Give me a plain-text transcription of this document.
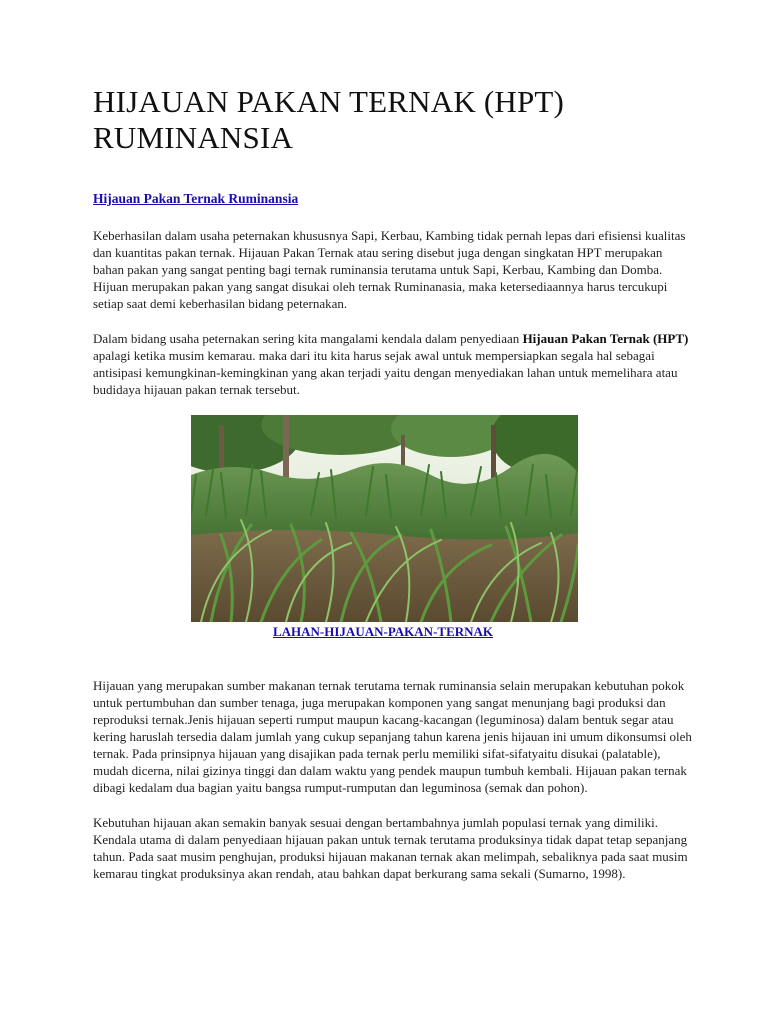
HIJAUAN PAKAN TERNAK (HPT)
RUMINANSIA
Hijauan Pakan Ternak Ruminansia

Keberhasilan dalam usaha peternakan khususnya Sapi, Kerbau, Kambing tidak pernah lepas dari efisiensi kualitas dan kuantitas pakan ternak. Hijauan Pakan Ternak atau sering disebut juga dengan singkatan HPT merupakan bahan pakan yang sangat penting bagi ternak ruminansia terutama untuk Sapi, Kerbau, Kambing dan Domba. Hijuan merupakan pakan yang sangat disukai oleh ternak Ruminanasia, maka ketersediaannya harus tercukupi setiap saat demi keberhasilan bidang peternakan.

Dalam bidang usaha peternakan sering kita mangalami kendala dalam penyediaan Hijauan Pakan Ternak (HPT) apalagi ketika musim kemarau. maka dari itu kita harus sejak awal untuk mempersiapkan segala hal sebagai antisipasi kemungkinan-kemingkinan yang akan terjadi yaitu dengan menyediakan lahan untuk memelihara atau budidaya hijauan pakan ternak tersebut.

LAHAN-HIJAUAN-PAKAN-TERNAK

Hijauan yang merupakan sumber makanan ternak terutama ternak ruminansia selain merupakan kebutuhan pokok untuk pertumbuhan dan sumber tenaga, juga merupakan komponen yang sangat menunjang bagi produksi dan reproduksi ternak.Jenis hijauan seperti rumput maupun kacang-kacangan (leguminosa) dalam bentuk segar atau kering haruslah tersedia dalam jumlah yang cukup sepanjang tahun karena jenis hijauan ini umum dikonsumsi oleh ternak. Pada prinsipnya hijauan yang disajikan pada ternak perlu memiliki sifat-sifatyaitu disukai (palatable), mudah dicerna, nilai gizinya tinggi dan dalam waktu yang pendek maupun tumbuh kembali. Hijauan pakan ternak dibagi kedalam dua bagian yaitu bangsa rumput-rumputan dan leguminosa (semak dan pohon).

Kebutuhan hijauan akan semakin banyak sesuai dengan bertambahnya jumlah populasi ternak yang dimiliki. Kendala utama di dalam penyediaan hijauan pakan untuk ternak terutama produksinya tidak dapat tetap sepanjang tahun. Pada saat musim penghujan, produksi hijauan makanan ternak akan melimpah, sebaliknya pada saat musim kemarau tingkat produksinya akan rendah, atau bahkan dapat berkurang sama sekali (Sumarno, 1998).
